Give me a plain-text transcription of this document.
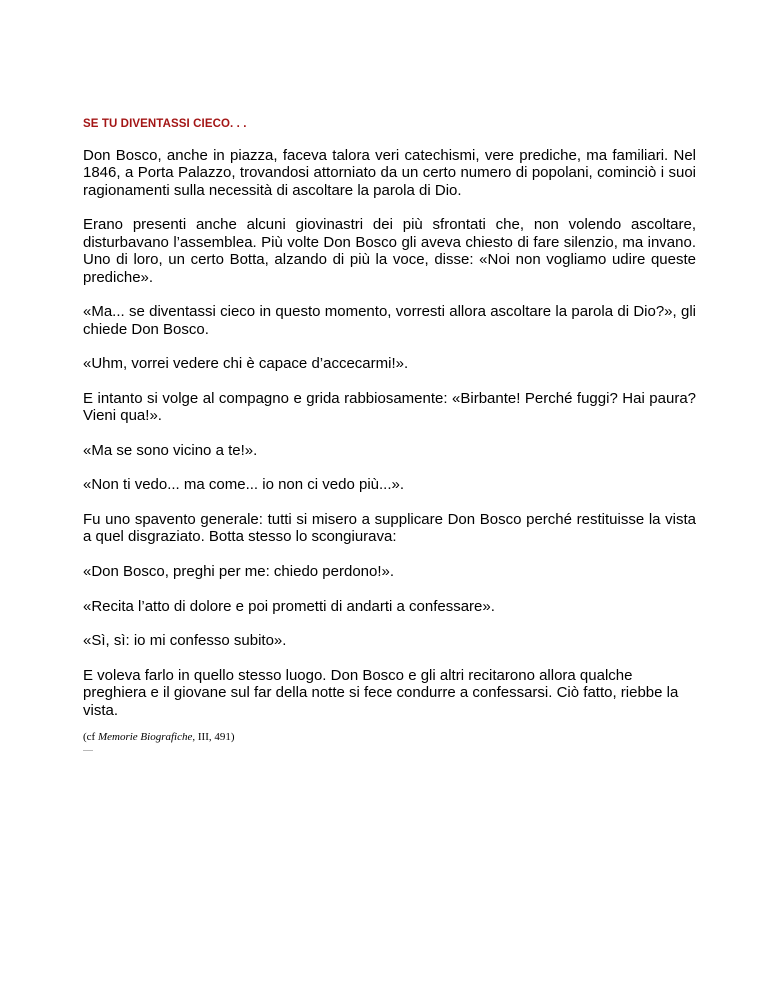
SE TU DIVENTASSI CIECO. . .

Don Bosco, anche in piazza, faceva talora veri catechismi, vere prediche, ma familiari. Nel 1846, a Porta Palazzo, trovandosi attorniato da un certo numero di popolani, cominciò i suoi ragionamenti sulla necessità di ascoltare la parola di Dio.

Erano presenti anche alcuni giovinastri dei più sfrontati che, non volendo ascoltare, disturbavano l’assemblea. Più volte Don Bosco gli aveva chiesto di fare silenzio, ma invano. Uno di loro, un certo Botta, alzando di più la voce, disse: «Noi non vogliamo udire queste prediche».

«Ma... se diventassi cieco in questo momento, vorresti allora ascoltare la parola di Dio?», gli chiede Don Bosco.

«Uhm, vorrei vedere chi è capace d’accecarmi!».

E intanto si volge al compagno e grida rabbiosamente: «Birbante! Perché fuggi? Hai paura? Vieni qua!».

«Ma se sono vicino a te!».

«Non ti vedo... ma come... io non ci vedo più...».

Fu uno spavento generale: tutti si misero a supplicare Don Bosco perché restituisse la vista a quel disgraziato. Botta stesso lo scongiurava:

«Don Bosco, preghi per me: chiedo perdono!».

«Recita l’atto di dolore e poi prometti di andarti a confessare».

«Sì, sì: io mi confesso subito».

E voleva farlo in quello stesso luogo. Don Bosco e gli altri recitarono allora qualche preghiera e il giovane sul far della notte si fece condurre a confessarsi. Ciò fatto, riebbe la vista.

(cf Memorie Biografiche, III, 491)
